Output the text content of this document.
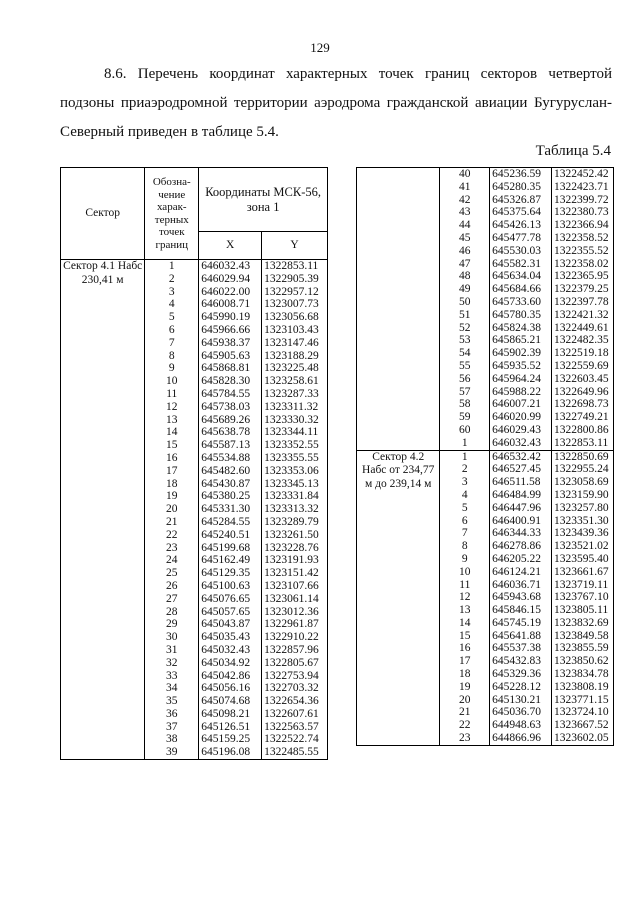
129

8.6. Перечень координат характерных точек границ секторов четвертой
подзоны приаэродромной территории аэродрома гражданской авиации Бугуруслан-
Северный приведен в таблице 5.4.

Таблица 5.4
Сектор	Обозна-чение харак-терных точек границ	Координаты МСК-56, зона 1	
		X	Y
Сектор 4.1 Нaбс 230,41 м	1	646032.43	1322853.11
	2	646029.94	1322905.39
	3	646022.00	1322957.12
	4	646008.71	1323007.73
	5	645990.19	1323056.68
	6	645966.66	1323103.43
	7	645938.37	1323147.46
	8	645905.63	1323188.29
	9	645868.81	1323225.48
	10	645828.30	1323258.61
	11	645784.55	1323287.33
	12	645738.03	1323311.32
	13	645689.26	1323330.32
	14	645638.78	1323344.11
	15	645587.13	1323352.55
	16	645534.88	1323355.55
	17	645482.60	1323353.06
	18	645430.87	1323345.13
	19	645380.25	1323331.84
	20	645331.30	1323313.32
	21	645284.55	1323289.79
	22	645240.51	1323261.50
	23	645199.68	1323228.76
	24	645162.49	1323191.93
	25	645129.35	1323151.42
	26	645100.63	1323107.66
	27	645076.65	1323061.14
	28	645057.65	1323012.36
	29	645043.87	1322961.87
	30	645035.43	1322910.22
	31	645032.43	1322857.96
	32	645034.92	1322805.67
	33	645042.86	1322753.94
	34	645056.16	1322703.32
	35	645074.68	1322654.36
	36	645098.21	1322607.61
	37	645126.51	1322563.57
	38	645159.25	1322522.74
	39	645196.08	1322485.55
	40	645236.59	1322452.42
	41	645280.35	1322423.71
	42	645326.87	1322399.72
	43	645375.64	1322380.73
	44	645426.13	1322366.94
	45	645477.78	1322358.52
	46	645530.03	1322355.52
	47	645582.31	1322358.02
	48	645634.04	1322365.95
	49	645684.66	1322379.25
	50	645733.60	1322397.78
	51	645780.35	1322421.32
	52	645824.38	1322449.61
	53	645865.21	1322482.35
	54	645902.39	1322519.18
	55	645935.52	1322559.69
	56	645964.24	1322603.45
	57	645988.22	1322649.96
	58	646007.21	1322698.73
	59	646020.99	1322749.21
	60	646029.43	1322800.86
	1	646032.43	1322853.11
Сектор 4.2 Нaбс от 234,77 м до 239,14 м	1	646532.42	1322850.69
	2	646527.45	1322955.24
	3	646511.58	1323058.69
	4	646484.99	1323159.90
	5	646447.96	1323257.80
	6	646400.91	1323351.30
	7	646344.33	1323439.36
	8	646278.86	1323521.02
	9	646205.22	1323595.40
	10	646124.21	1323661.67
	11	646036.71	1323719.11
	12	645943.68	1323767.10
	13	645846.15	1323805.11
	14	645745.19	1323832.69
	15	645641.88	1323849.58
	16	645537.38	1323855.59
	17	645432.83	1323850.62
	18	645329.36	1323834.78
	19	645228.12	1323808.19
	20	645130.21	1323771.15
	21	645036.70	1323724.10
	22	644948.63	1323667.52
	23	644866.96	1323602.05
